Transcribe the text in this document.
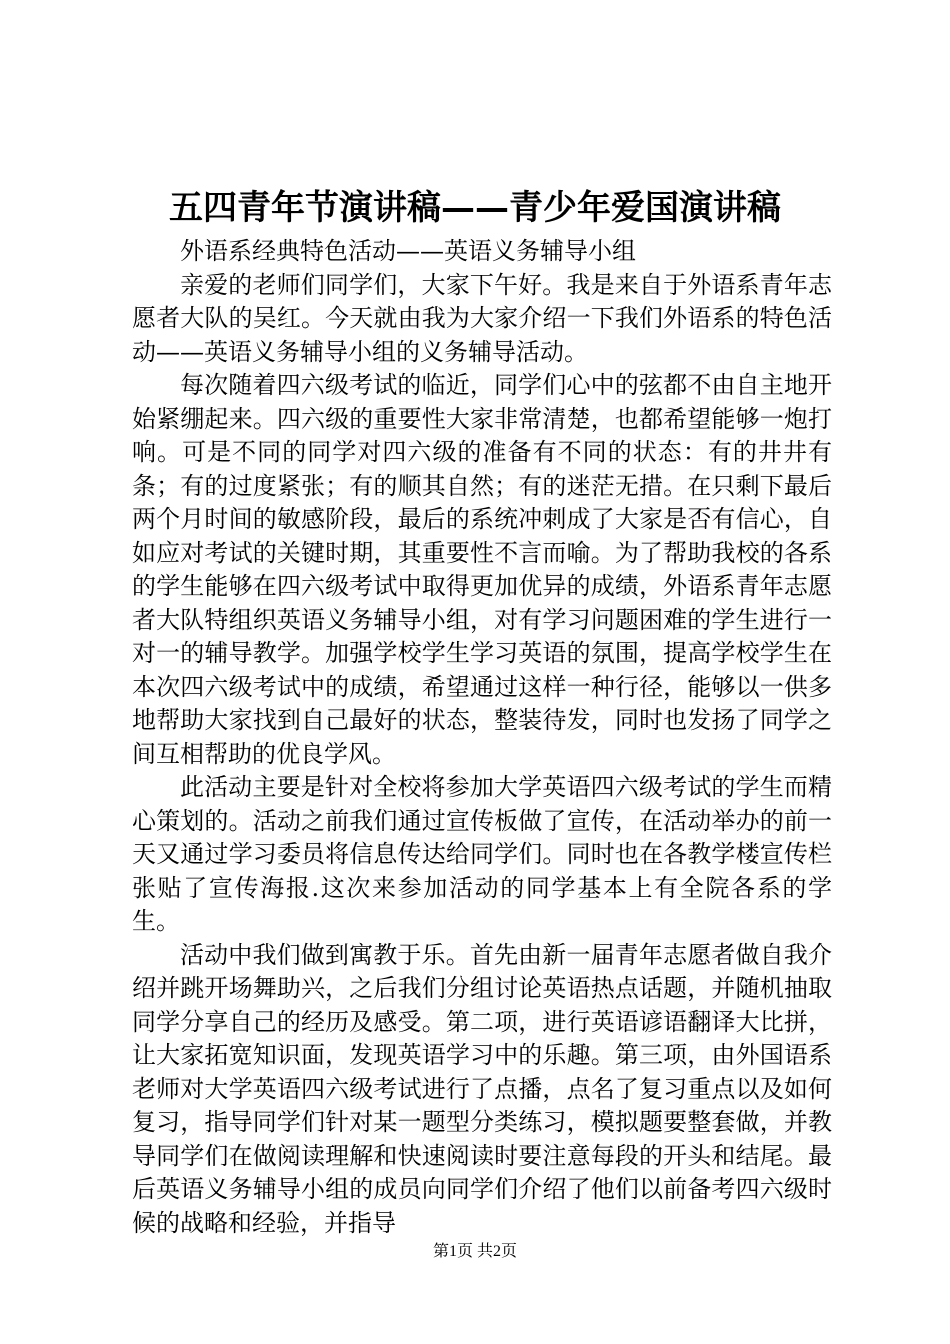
五四青年节演讲稿——青少年爱国演讲稿

外语系经典特色活动——英语义务辅导小组

亲爱的老师们同学们，大家下午好。我是来自于外语系青年志愿者大队的吴红。今天就由我为大家介绍一下我们外语系的特色活动——英语义务辅导小组的义务辅导活动。

每次随着四六级考试的临近，同学们心中的弦都不由自主地开始紧绷起来。四六级的重要性大家非常清楚，也都希望能够一炮打响。可是不同的同学对四六级的准备有不同的状态：有的井井有条；有的过度紧张；有的顺其自然；有的迷茫无措。在只剩下最后两个月时间的敏感阶段，最后的系统冲刺成了大家是否有信心，自如应对考试的关键时期，其重要性不言而喻。为了帮助我校的各系的学生能够在四六级考试中取得更加优异的成绩，外语系青年志愿者大队特组织英语义务辅导小组，对有学习问题困难的学生进行一对一的辅导教学。加强学校学生学习英语的氛围，提高学校学生在本次四六级考试中的成绩，希望通过这样一种行径，能够以一供多地帮助大家找到自己最好的状态，整装待发，同时也发扬了同学之间互相帮助的优良学风。

此活动主要是针对全校将参加大学英语四六级考试的学生而精心策划的。活动之前我们通过宣传板做了宣传，在活动举办的前一天又通过学习委员将信息传达给同学们。同时也在各教学楼宣传栏张贴了宣传海报.这次来参加活动的同学基本上有全院各系的学生。

活动中我们做到寓教于乐。首先由新一届青年志愿者做自我介绍并跳开场舞助兴，之后我们分组讨论英语热点话题，并随机抽取同学分享自己的经历及感受。第二项，进行英语谚语翻译大比拼，让大家拓宽知识面，发现英语学习中的乐趣。第三项，由外国语系老师对大学英语四六级考试进行了点播，点名了复习重点以及如何复习，指导同学们针对某一题型分类练习，模拟题要整套做，并教导同学们在做阅读理解和快速阅读时要注意每段的开头和结尾。最后英语义务辅导小组的成员向同学们介绍了他们以前备考四六级时候的战略和经验，并指导

第1页 共2页
